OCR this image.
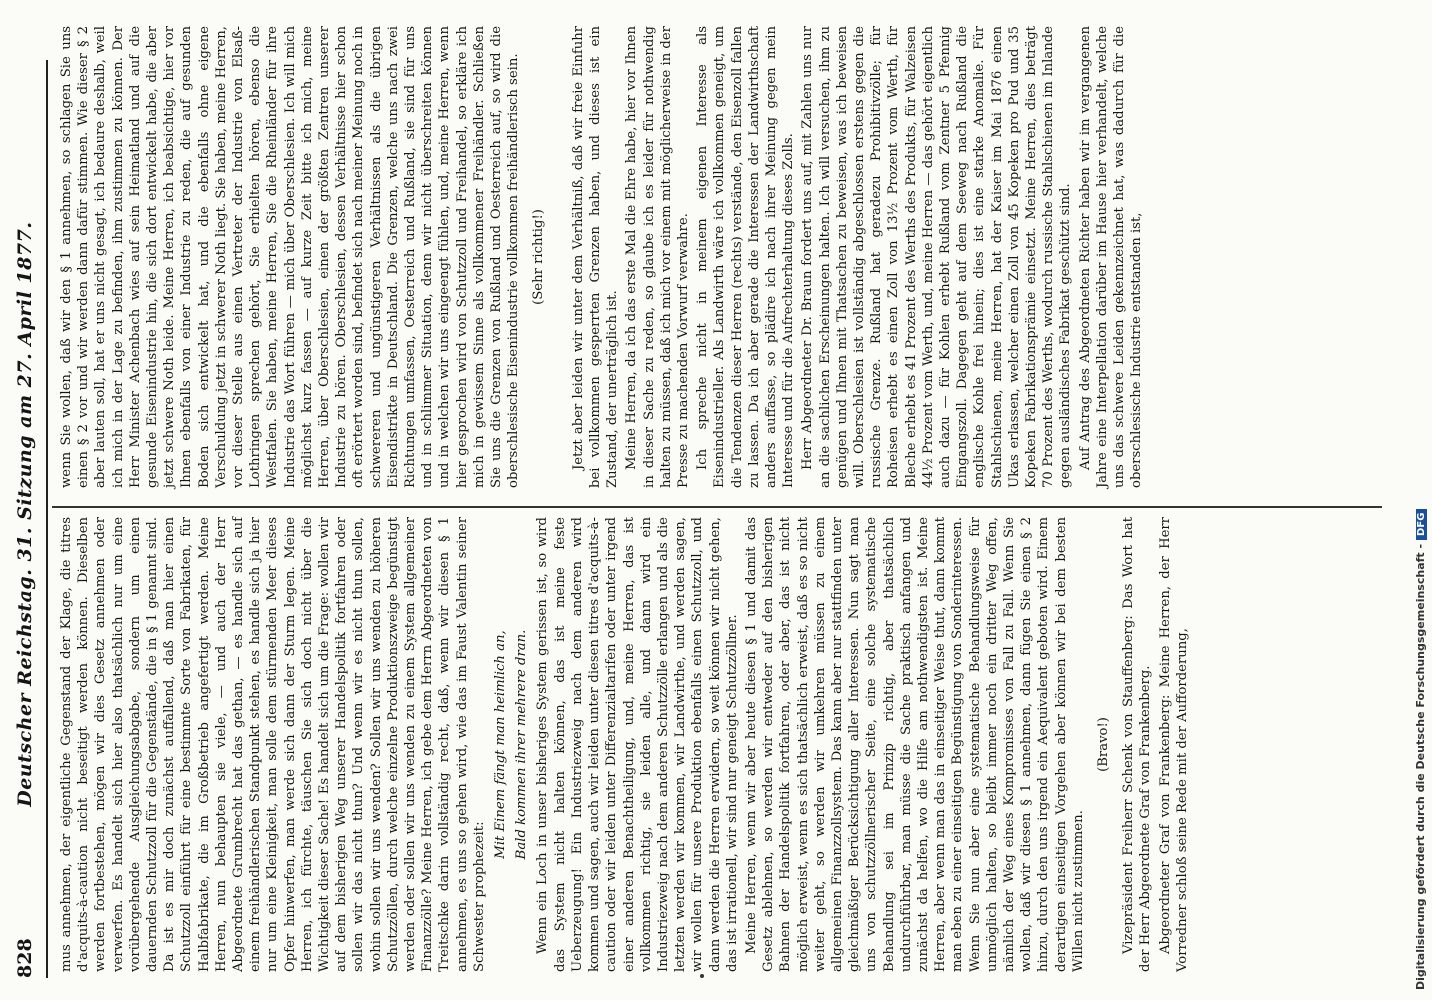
828
Deutscher Reichstag. 31. Sitzung am 27. April 1877. mus annehmen, der eigentliche Gegenstand der Klage, die titres d'acquits-à-caution nicht beseitigt werden können. Dieselben werden fortbestehen, mögen wir dies Gesetz annehmen oder verwerfen. Es handelt sich hier also thatsächlich nur um eine vorübergehende Ausgleichungsabgabe, sondern um einen dauernden Schutzzoll für die Gegenstände, die in § 1 genannt sind. Da ist es mir doch zunächst auffallend, daß man hier einen Schutzzoll einführt für eine bestimmte Sorte von Fabrikaten, für Halbfabrikate, die im Großbetrieb angefertigt werden. Meine Herren, nun behaupten sie viele, — und auch der Herr Abgeordnete Grumbrecht hat das gethan, — es handle sich auf einem freihändlerischen Standpunkt stehen, es handle sich ja hier nur um eine Kleinigkeit, man solle dem stürmenden Meer dieses Opfer hinwerfen, man werde sich dann der Sturm legen. Meine Herren, ich fürchte, täuschen Sie sich doch nicht über die Wichtigkeit dieser Sache! Es handelt sich um die Frage: wollen wir auf dem bisherigen Weg unserer Handelspolitik fortfahren oder sollen wir das nicht thun? Und wenn wir es nicht thun sollen, wohin sollen wir uns wenden? Sollen wir uns wenden zu höheren Schutzzöllen, durch welche einzelne Produktionszweige begünstigt werden oder sollen wir uns wenden zu einem System allgemeiner Finanzzölle? Meine Herren, ich gebe dem Herrn Abgeordneten von Treitschke darin vollständig recht, daß, wenn wir diesen § 1 annehmen, es uns so gehen wird, wie das im Faust Valentin seiner Schwester prophezeit:

Mit Einem fängt man heimlich an, Bald kommen ihrer mehrere dran. Wenn ein Loch in unser bisheriges System gerissen ist, so wird das System nicht halten können, das ist meine feste Ueberzeugung! Ein Industriezweig nach dem anderen wird kommen und sagen, auch wir leiden unter diesen titres d'acquits-à-caution oder wir leiden unter Differenzialtarifen oder unter irgend einer anderen Benachtheiligung, und, meine Herren, das ist vollkommen richtig, sie leiden alle, und dann wird ein Industriezweig nach dem anderen Schutzzölle erlangen und als die letzten werden wir kommen, wir Landwirthe, und werden sagen, wir wollen für unsere Produktion ebenfalls einen Schutzzoll, und dann werden die Herren erwidern, so weit können wir nicht gehen, das ist irrationell, wir sind nur geneigt Schutzzöllner. Meine Herren, wenn wir aber heute diesen § 1 und damit das Gesetz ablehnen, so werden wir entweder auf den bisherigen Bahnen der Handelspolitik fortfahren, oder aber, das ist nicht möglich erweist, wenn es sich thatsächlich erweist, daß es so nicht weiter geht, so werden wir umkehren müssen zu einem allgemeinen Finanzzollsystem. Das kann aber nur stattfinden unter gleichmäßiger Berücksichtigung aller Interessen. Nun sagt man uns von schutzzöllnerischer Seite, eine solche systematische Behandlung sei im Prinzip richtig, aber thatsächlich undurchführbar, man müsse die Sache praktisch anfangen und zunächst da helfen, wo die Hilfe am nothwendigsten ist. Meine Herren, aber wenn man das in einseitiger Weise thut, dann kommt man eben zu einer einseitigen Begünstigung von Sonderinteressen. Wenn Sie nun aber eine systematische Behandlungsweise für unmöglich halten, so bleibt immer noch ein dritter Weg offen, nämlich der Weg eines Kompromisses von Fall zu Fall. Wenn Sie wollen, daß wir diesen § 1 annehmen, dann fügen Sie einen § 2 hinzu, durch den uns irgend ein Aequivalent geboten wird. Einem derartigen einseitigen Vorgehen aber können wir bei dem besten Willen nicht zustimmen.

(Bravo!) Vizepräsident Freiherr Schenk von Stauffenberg: Das Wort hat der Herr Abgeordnete Graf von Frankenberg. Abgeordneter Graf von Frankenberg: Meine Herren, der Herr Vorredner schloß seine Rede mit der Aufforderung,

wenn Sie wollen, daß wir den § 1 annehmen, so schlagen Sie uns einen § 2 vor und wir werden dann dafür stimmen. Wie dieser § 2 aber lauten soll, hat er uns nicht gesagt, ich bedaure deshalb, weil ich mich in der Lage zu befinden, ihm zustimmen zu können. Der Herr Minister Achenbach wies auf sein Heimatland und auf die gesunde Eisenindustrie hin, die sich dort entwickelt habe, die aber jetzt schwere Noth leide. Meine Herren, ich beabsichtige, hier vor Ihnen ebenfalls von einer Industrie zu reden, die auf gesunden Boden sich entwickelt hat, und die ebenfalls ohne eigene Verschuldung jetzt in schwerer Noth liegt. Sie haben, meine Herren, vor dieser Stelle aus einen Vertreter der Industrie von Elsaß-Lothringen sprechen gehört, Sie erhielten hören, ebenso die Westfalen. Sie haben, meine Herren, Sie die Rheinländer für ihre Industrie das Wort führen — mich über Oberschlesien. Ich will mich möglichst kurz fassen — auf kurze Zeit bitte ich mich, meine Herren, über Oberschlesien, einen der größten Zentren unserer Industrie zu hören. Oberschlesien, dessen Verhältnisse hier schon oft erörtert worden sind, befindet sich nach meiner Meinung noch in schwereren und ungünstigeren Verhältnissen als die übrigen Eisendistrikte in Deutschland. Die Grenzen, welche uns nach zwei Richtungen umfassen, Oesterreich und Rußland, sie sind für uns und in schlimmer Situation, denn wir nicht überschreiten können und in welchen wir uns eingeengt fühlen, und, meine Herren, wenn hier gesprochen wird von Schutzzoll und Freihandel, so erkläre ich mich in gewissem Sinne als vollkommener Freihändler. Schließen Sie uns die Grenzen von Rußland und Oesterreich auf, so wird die oberschlesische Eisenindustrie vollkommen freihändlerisch sein. (Sehr richtig!) Jetzt aber leiden wir unter dem Verhältniß, daß wir freie Einfuhr bei vollkommen gesperrten Grenzen haben, und dieses ist ein Zustand, der unerträglich ist. Meine Herren, da ich das erste Mal die Ehre habe, hier vor Ihnen in dieser Sache zu reden, so glaube ich es leider für nothwendig halten zu müssen, daß ich mich vor einem mit möglicherweise in der Presse zu machenden Vorwurf verwahre. Ich spreche nicht in meinem eigenen Interesse als Eisenindustrieller. Als Landwirth wäre ich vollkommen geneigt, um die Tendenzen dieser Herren (rechts) verstände, den Eisenzoll fallen zu lassen. Da ich aber gerade die Interessen der Landwirthschaft anders auffasse, so plädire ich nach ihrer Meinung gegen mein Interesse und für die Aufrechterhaltung dieses Zolls. Herr Abgeordneter Dr. Braun fordert uns auf, mit Zahlen uns nur an die sachlichen Erscheinungen halten. Ich will versuchen, ihm zu genügen und Ihnen mit Thatsachen zu beweisen, was ich beweisen will. Oberschlesien ist vollständig abgeschlossen erstens gegen die russische Grenze. Rußland hat geradezu Prohibitivzölle; für Roheisen erhebt es einen Zoll von 13½ Prozent vom Werth, für Bleche erhebt es 41 Prozent des Werths des Produkts, für Walzeisen 44½ Prozent vom Werth, und, meine Herren — das gehört eigentlich auch dazu — für Kohlen erhebt Rußland vom Zentner 5 Pfennig Eingangszoll. Dagegen geht auf dem Seeweg nach Rußland die englische Kohle frei hinein; dies ist eine starke Anomalie. Für Stahlschienen, meine Herren, hat der Kaiser im Mai 1876 einen Ukas erlassen, welcher einen Zoll von 45 Kopeken pro Pud und 35 Kopeken Fabrikationsprämie einsetzt. Meine Herren, dies beträgt 70 Prozent des Werths, wodurch russische Stahlschienen im Inlande gegen ausländisches Fabrikat geschützt sind. Auf Antrag des Abgeordneten Richter haben wir im vergangenen Jahre eine Interpellation darüber im Hause hier verhandelt, welche uns das schwere Leiden gekennzeichnet hat, was dadurch für die oberschlesische Industrie entstanden ist,

Digitalisierung gefördert durch die Deutsche Forschungsgemeinschaft -DFG
